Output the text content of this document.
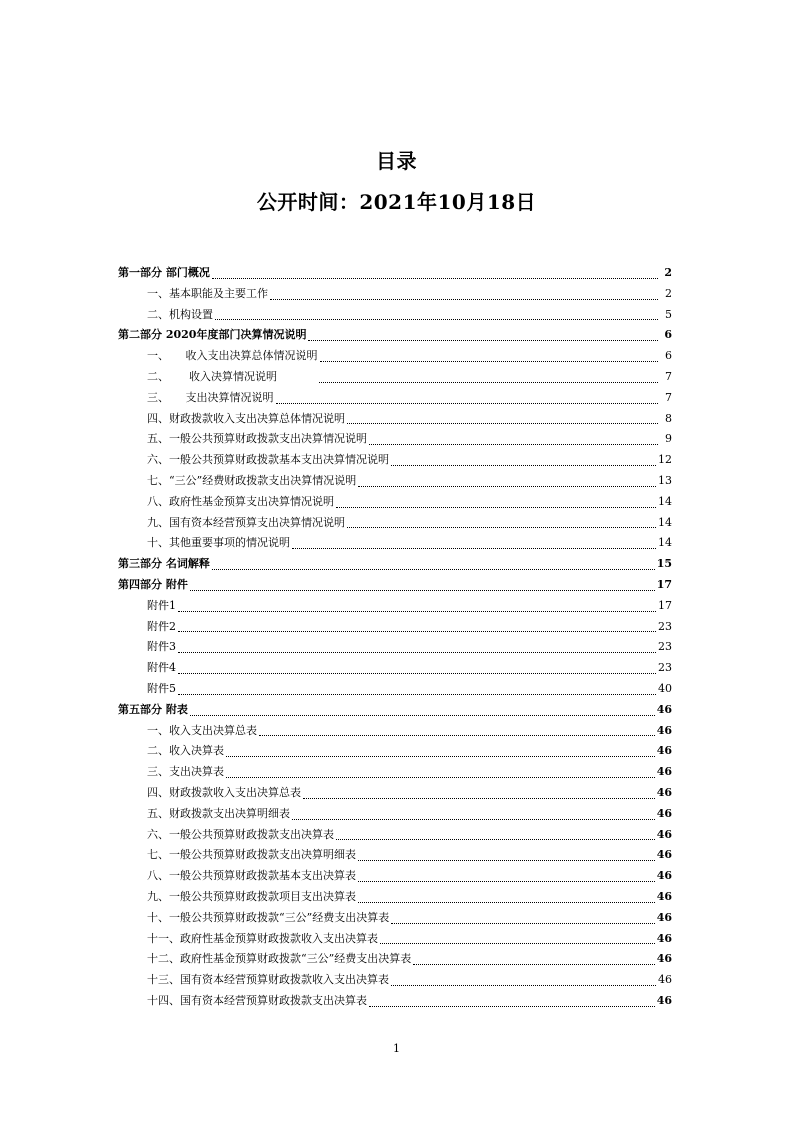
目录
公开时间：2021年10月18日
第一部分 部门概况	2
一、基本职能及主要工作	2
二、机构设置	5
第二部分 2020年度部门决算情况说明	6
一、　　收入支出决算总体情况说明	6
二、　　 收入决算情况说明	7
三、　　支出决算情况说明	7
四、财政拨款收入支出决算总体情况说明	8
五、一般公共预算财政拨款支出决算情况说明	9
六、一般公共预算财政拨款基本支出决算情况说明	12
七、“三公”经费财政拨款支出决算情况说明	13
八、政府性基金预算支出决算情况说明	14
九、国有资本经营预算支出决算情况说明	14
十、其他重要事项的情况说明	14
第三部分 名词解释	15
第四部分 附件	17
附件1	17
附件2	23
附件3	23
附件4	23
附件5	40
第五部分 附表	46
一、收入支出决算总表	46
二、收入决算表	46
三、支出决算表	46
四、财政拨款收入支出决算总表	46
五、财政拨款支出决算明细表	46
六、一般公共预算财政拨款支出决算表	46
七、一般公共预算财政拨款支出决算明细表	46
八、一般公共预算财政拨款基本支出决算表	46
九、一般公共预算财政拨款项目支出决算表	46
十、一般公共预算财政拨款“三公”经费支出决算表	46
十一、政府性基金预算财政拨款收入支出决算表	46
十二、政府性基金预算财政拨款“三公”经费支出决算表	46
十三、国有资本经营预算财政拨款收入支出决算表	46
十四、国有资本经营预算财政拨款支出决算表	46
1
